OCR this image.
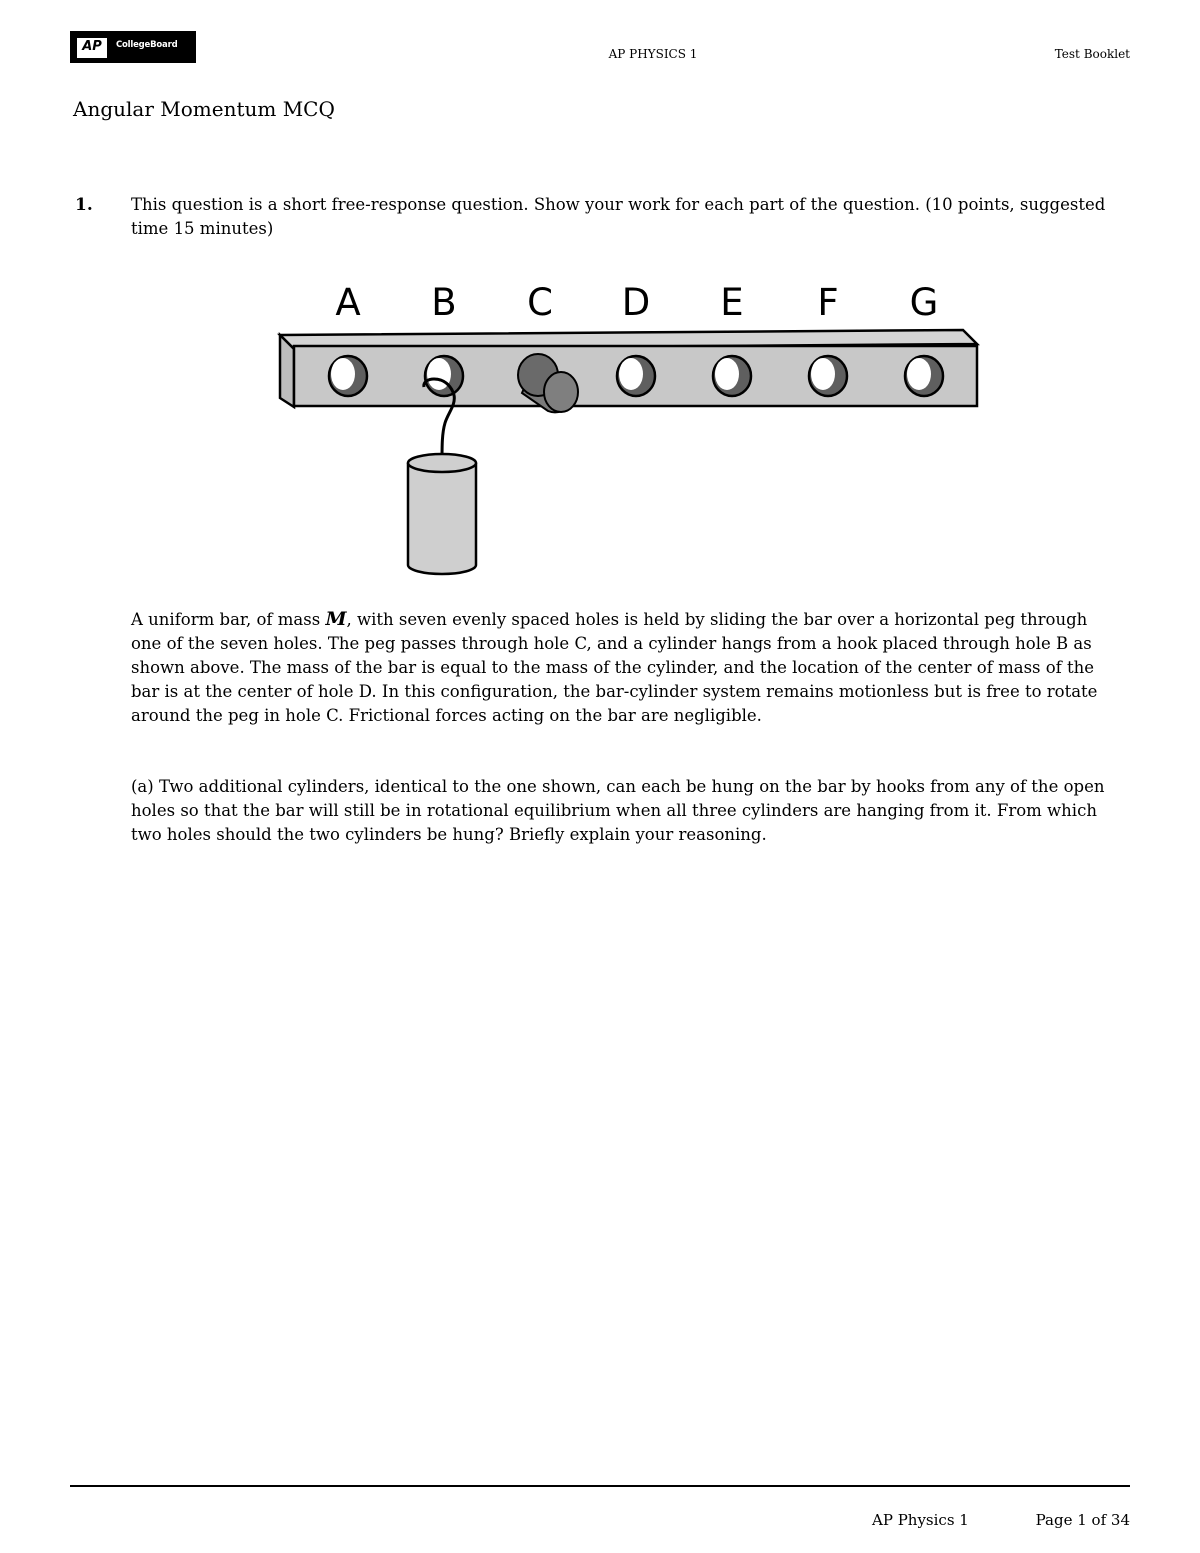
AP	CollegeBoard
AP PHYSICS 1	Test Booklet
Angular Momentum MCQ
1. This question is a short free-response question. Show your work for each part of the question. (10 points, suggested time 15 minutes)
A B C D E F G
A uniform bar, of mass M, with seven evenly spaced holes is held by sliding the bar over a horizontal peg through one of the seven holes. The peg passes through hole C, and a cylinder hangs from a hook placed through hole B as shown above. The mass of the bar is equal to the mass of the cylinder, and the location of the center of mass of the bar is at the center of hole D. In this configuration, the bar-cylinder system remains motionless but is free to rotate around the peg in hole C. Frictional forces acting on the bar are negligible.
(a) Two additional cylinders, identical to the one shown, can each be hung on the bar by hooks from any of the open holes so that the bar will still be in rotational equilibrium when all three cylinders are hanging from it. From which two holes should the two cylinders be hung? Briefly explain your reasoning.
AP Physics 1	Page 1 of 34
